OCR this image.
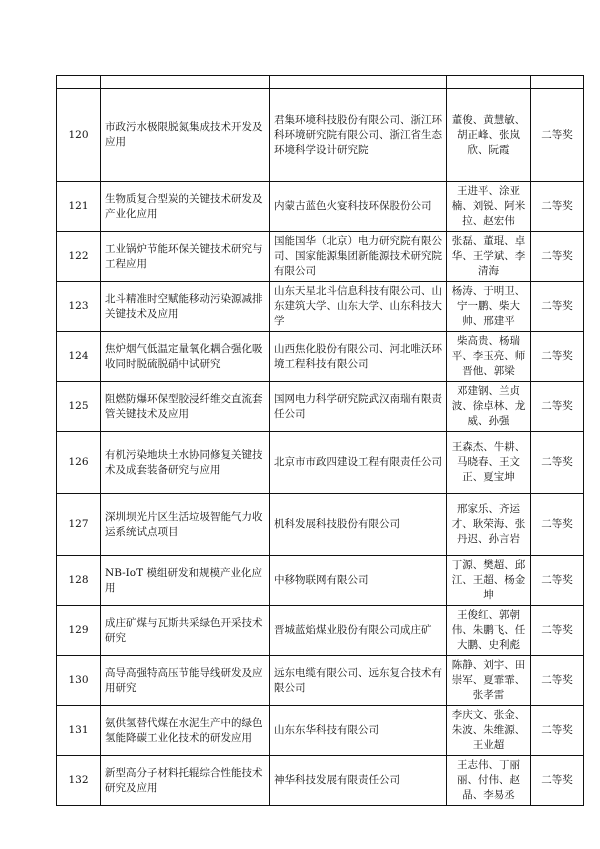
120	市政污水极限脱氮集成技术开发及应用	君集环境科技股份有限公司、浙江环科环境研究院有限公司、浙江省生态环境科学设计研究院	董俊、黄慧敏、胡正峰、张岚欣、阮霞	二等奖
121	生物质复合型炭的关键技术研发及产业化应用	内蒙古蓝色火宴科技环保股份公司	王进平、涂亚楠、刘锐、阿米拉、赵宏伟	二等奖
122	工业锅炉节能环保关键技术研究与工程应用	国能国华（北京）电力研究院有限公司、国家能源集团新能源技术研究院有限公司	张磊、董琨、卓华、王学斌、李清海	二等奖
123	北斗精准时空赋能移动污染源减排关键技术及应用	山东天星北斗信息科技有限公司、山东建筑大学、山东大学、山东科技大学	杨涛、于明卫、宁一鹏、柴大帅、邢建平	二等奖
124	焦炉烟气低温定量氧化耦合强化吸收同时脱硫脱硝中试研究	山西焦化股份有限公司、河北唯沃环境工程科技有限公司	柴高贵、杨瑞平、李玉亮、师晋他、郭梁	二等奖
125	阻燃防爆环保型胶浸纤维交直流套管关键技术及应用	国网电力科学研究院武汉南瑞有限责任公司	邓建钢、兰贞波、徐卓林、龙威、孙强	二等奖
126	有机污染地块土水协同修复关键技术及成套装备研究与应用	北京市市政四建设工程有限责任公司	王森杰、牛耕、马晓春、王文正、夏宝坤	二等奖
127	深圳坝光片区生活垃圾智能气力收运系统试点项目	机科发展科技股份有限公司	邢家乐、齐运才、耿荣海、张丹迟、孙言岩	二等奖
128	NB-IoT 模组研发和规模产业化应用	中移物联网有限公司	丁源、樊超、邱江、王超、杨金坤	二等奖
129	成庄矿煤与瓦斯共采绿色开采技术研究	晋城蓝焰煤业股份有限公司成庄矿	王俊红、郭朝伟、朱鹏飞、任大鹏、史利彪	二等奖
130	高导高强特高压节能导线研发及应用研究	远东电缆有限公司、远东复合技术有限公司	陈静、刘宇、田崇军、夏霏霏、张孝雷	二等奖
131	氨供氢替代煤在水泥生产中的绿色氢能降碳工业化技术的研发应用	山东东华科技有限公司	李庆文、张金、朱波、朱维源、王业超	二等奖
132	新型高分子材料托辊综合性能技术研究及应用	神华科技发展有限责任公司	王志伟、丁丽丽、付伟、赵晶、李易丞	二等奖
